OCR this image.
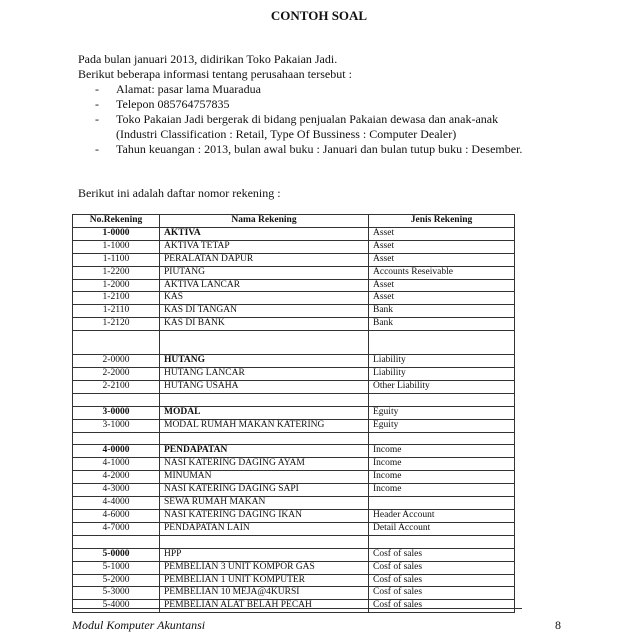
CONTOH SOAL

Pada bulan januari 2013, didirikan Toko Pakaian Jadi.

Berikut beberapa informasi tentang perusahaan tersebut :

- Alamat: pasar lama Muaradua
- Telepon 085764757835
- Toko Pakaian Jadi bergerak di bidang penjualan Pakaian dewasa dan anak-anak
(Industri Classification : Retail, Type Of Bussiness : Computer Dealer)
- Tahun keuangan : 2013, bulan awal buku : Januari dan bulan tutup buku : Desember.
Berikut ini adalah daftar nomor rekening :
No.Rekening	Nama Rekening	Jenis Rekening
1-0000	AKTIVA	Asset
1-1000	AKTIVA TETAP	Asset
1-1100	PERALATAN DAPUR	Asset
1-2200	PIUTANG	Accounts Reseivable
1-2000	AKTIVA LANCAR	Asset
1-2100	KAS	Asset
1-2110	KAS DI TANGAN	Bank
1-2120	KAS DI BANK	Bank

2-0000	HUTANG	Liability
2-2000	HUTANG LANCAR	Liability
2-2100	HUTANG USAHA	Other Liability

3-0000	MODAL	Eguity
3-1000	MODAL RUMAH MAKAN KATERING	Eguity

4-0000	PENDAPATAN	Income
4-1000	NASI KATERING DAGING AYAM	Income
4-2000	MINUMAN	Income
4-3000	NASI KATERING DAGING SAPI	Income
4-4000	SEWA RUMAH MAKAN	
4-6000	NASI KATERING DAGING IKAN	Header Account
4-7000	PENDAPATAN LAIN	Detail Account

5-0000	HPP	Cosf of sales
5-1000	PEMBELIAN 3 UNIT KOMPOR GAS	Cosf of sales
5-2000	PEMBELIAN 1 UNIT KOMPUTER	Cosf of sales
5-3000	PEMBELIAN 10 MEJA@4KURSI	Cosf of sales
5-4000	PEMBELIAN ALAT BELAH PECAH	Cosf of sales
Modul Komputer Akuntansi	8
